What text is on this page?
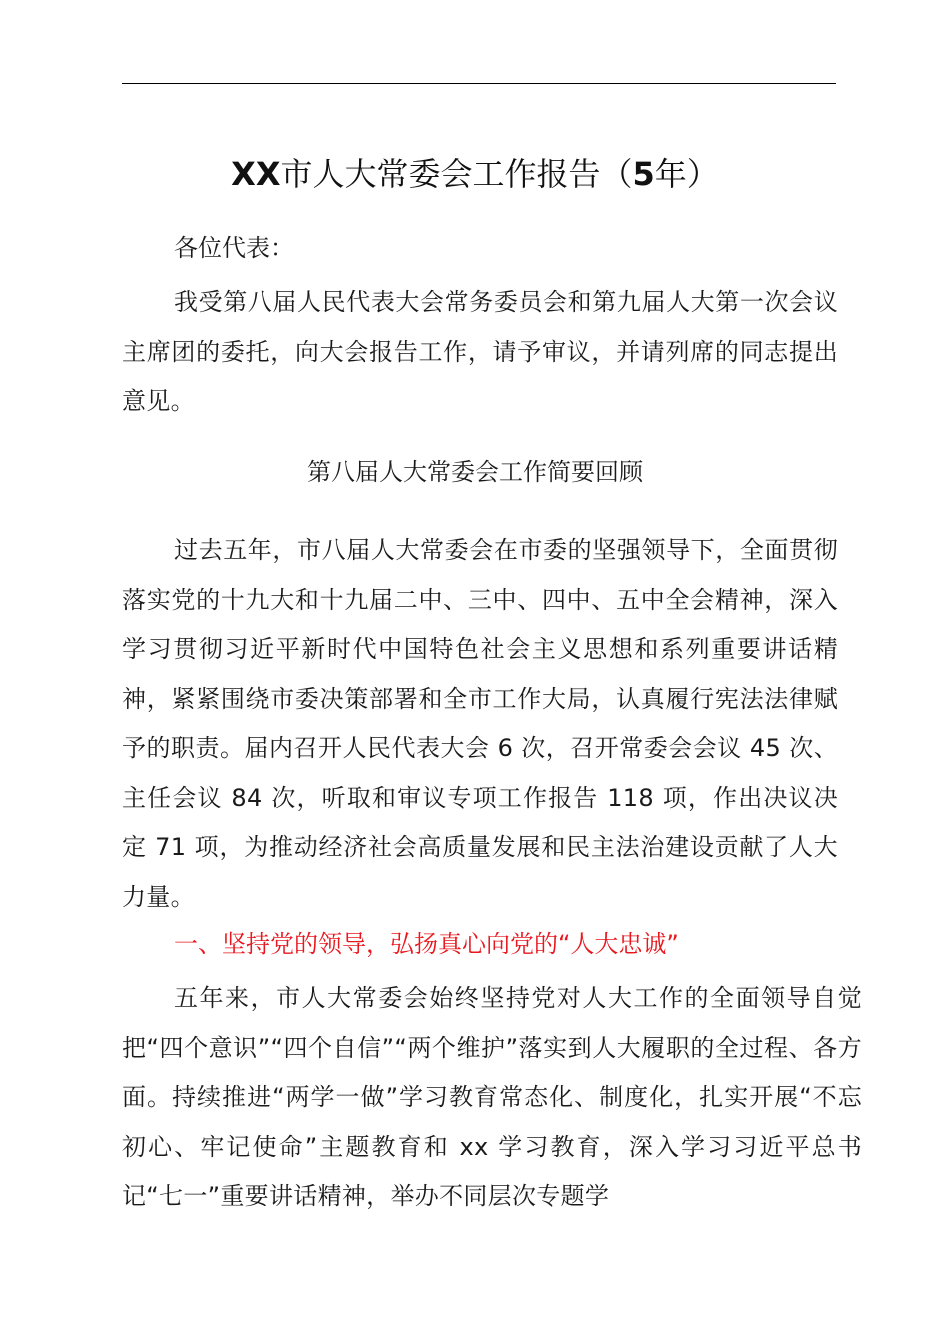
XX市人大常委会工作报告（5年）

各位代表：

我受第八届人民代表大会常务委员会和第九届人大第一次会议主席团的委托，向大会报告工作，请予审议，并请列席的同志提出意见。

第八届人大常委会工作简要回顾

过去五年，市八届人大常委会在市委的坚强领导下，全面贯彻落实党的十九大和十九届二中、三中、四中、五中全会精神，深入学习贯彻习近平新时代中国特色社会主义思想和系列重要讲话精神，紧紧围绕市委决策部署和全市工作大局，认真履行宪法法律赋予的职责。届内召开人民代表大会 6 次，召开常委会会议 45 次、主任会议 84 次，听取和审议专项工作报告 118 项，作出决议决定 71 项，为推动经济社会高质量发展和民主法治建设贡献了人大力量。

一、坚持党的领导，弘扬真心向党的“人大忠诚”

五年来，市人大常委会始终坚持党对人大工作的全面领导自觉把“四个意识”“四个自信”“两个维护”落实到人大履职的全过程、各方面。持续推进“两学一做”学习教育常态化、制度化，扎实开展“不忘初心、牢记使命”主题教育和 xx 学习教育，深入学习习近平总书记“七一”重要讲话精神，举办不同层次专题学
